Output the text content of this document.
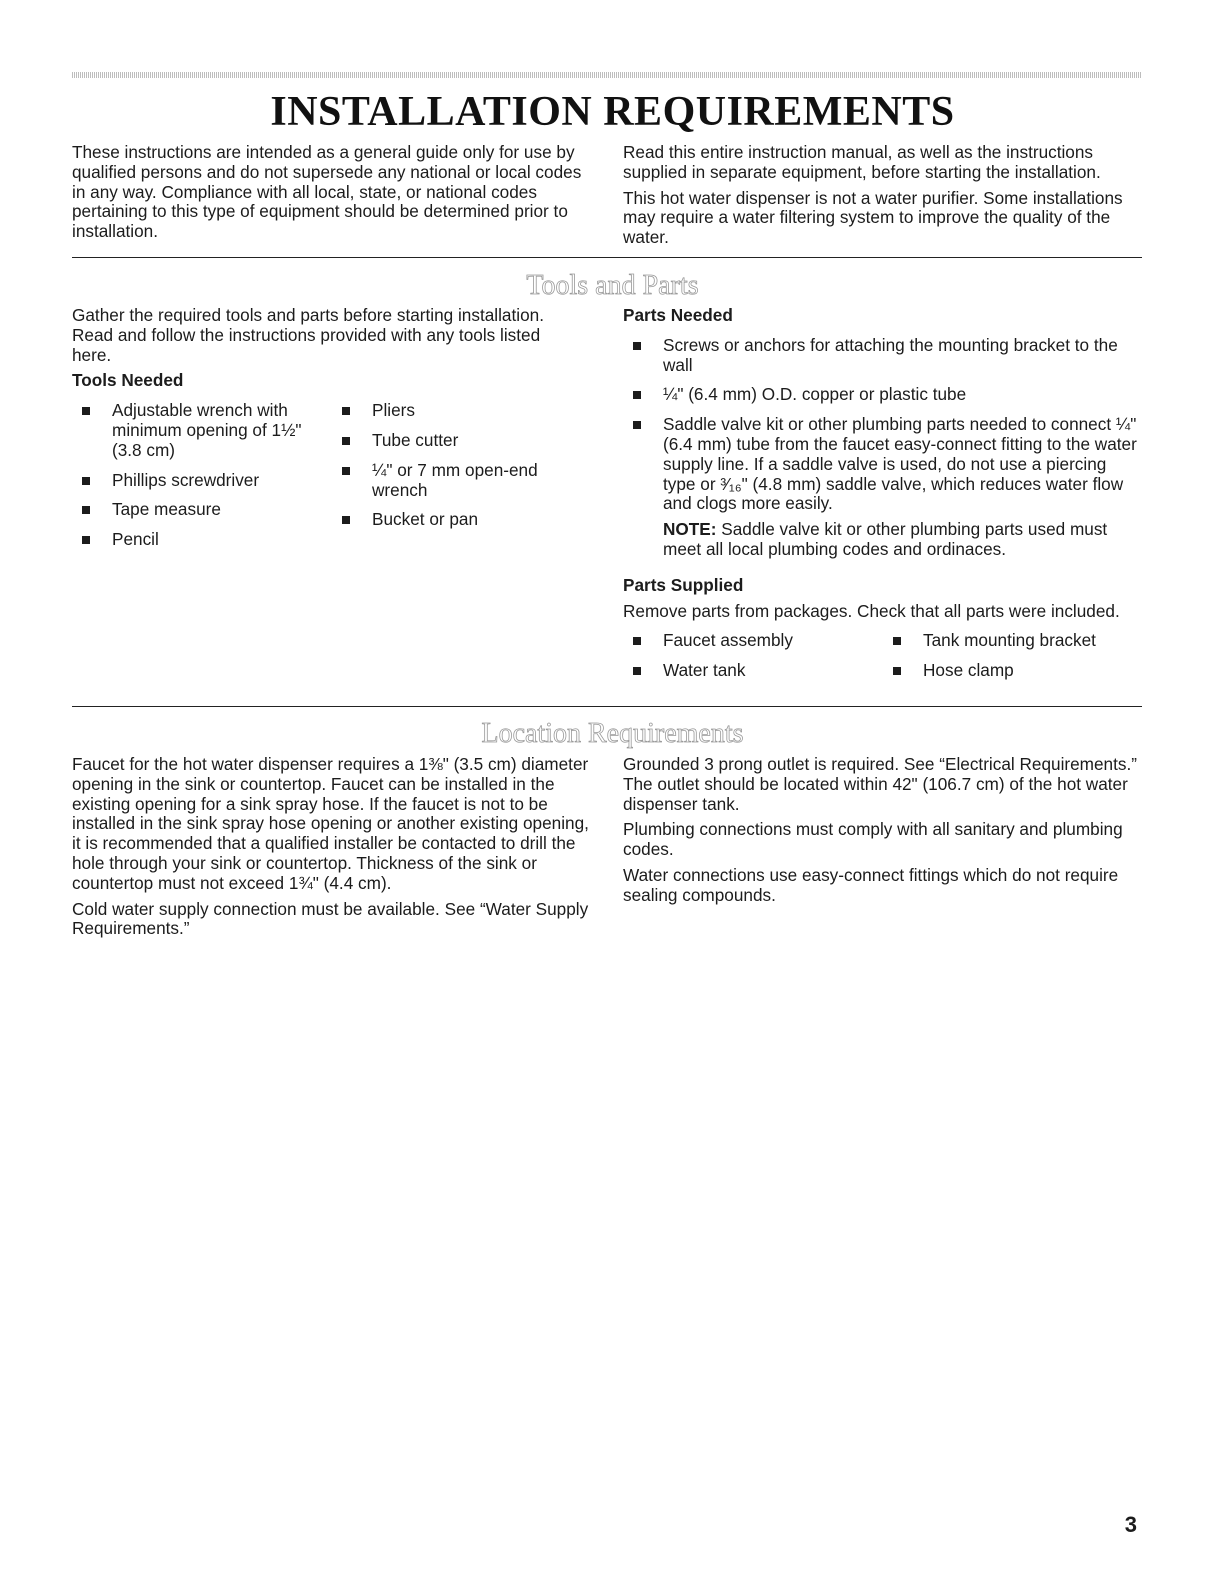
INSTALLATION REQUIREMENTS

These instructions are intended as a general guide only for use by qualified persons and do not supersede any national or local codes in any way. Compliance with all local, state, or national codes pertaining to this type of equipment should be determined prior to installation.

Read this entire instruction manual, as well as the instructions supplied in separate equipment, before starting the installation.

This hot water dispenser is not a water purifier. Some installations may require a water filtering system to improve the quality of the water.

Tools and Parts

Gather the required tools and parts before starting installation. Read and follow the instructions provided with any tools listed here.

Tools Needed
Adjustable wrench with minimum opening of 1½" (3.8 cm)
Phillips screwdriver
Tape measure
Pencil
Pliers
Tube cutter
¼" or 7 mm open-end wrench
Bucket or pan
Parts Needed
Screws or anchors for attaching the mounting bracket to the wall
¼" (6.4 mm) O.D. copper or plastic tube
Saddle valve kit or other plumbing parts needed to connect ¼" (6.4 mm) tube from the faucet easy-connect fitting to the water supply line. If a saddle valve is used, do not use a piercing type or ³⁄₁₆" (4.8 mm) saddle valve, which reduces water flow and clogs more easily.

NOTE: Saddle valve kit or other plumbing parts used must meet all local plumbing codes and ordinaces.

Parts Supplied

Remove parts from packages. Check that all parts were included.

Faucet assembly
Water tank
Tank mounting bracket
Hose clamp
Location Requirements

Faucet for the hot water dispenser requires a 1⅜" (3.5 cm) diameter opening in the sink or countertop. Faucet can be installed in the existing opening for a sink spray hose. If the faucet is not to be installed in the sink spray hose opening or another existing opening, it is recommended that a qualified installer be contacted to drill the hole through your sink or countertop. Thickness of the sink or countertop must not exceed 1¾" (4.4 cm).

Cold water supply connection must be available. See “Water Supply Requirements.”

Grounded 3 prong outlet is required. See “Electrical Requirements.” The outlet should be located within 42" (106.7 cm) of the hot water dispenser tank.

Plumbing connections must comply with all sanitary and plumbing codes.

Water connections use easy-connect fittings which do not require sealing compounds.

3
